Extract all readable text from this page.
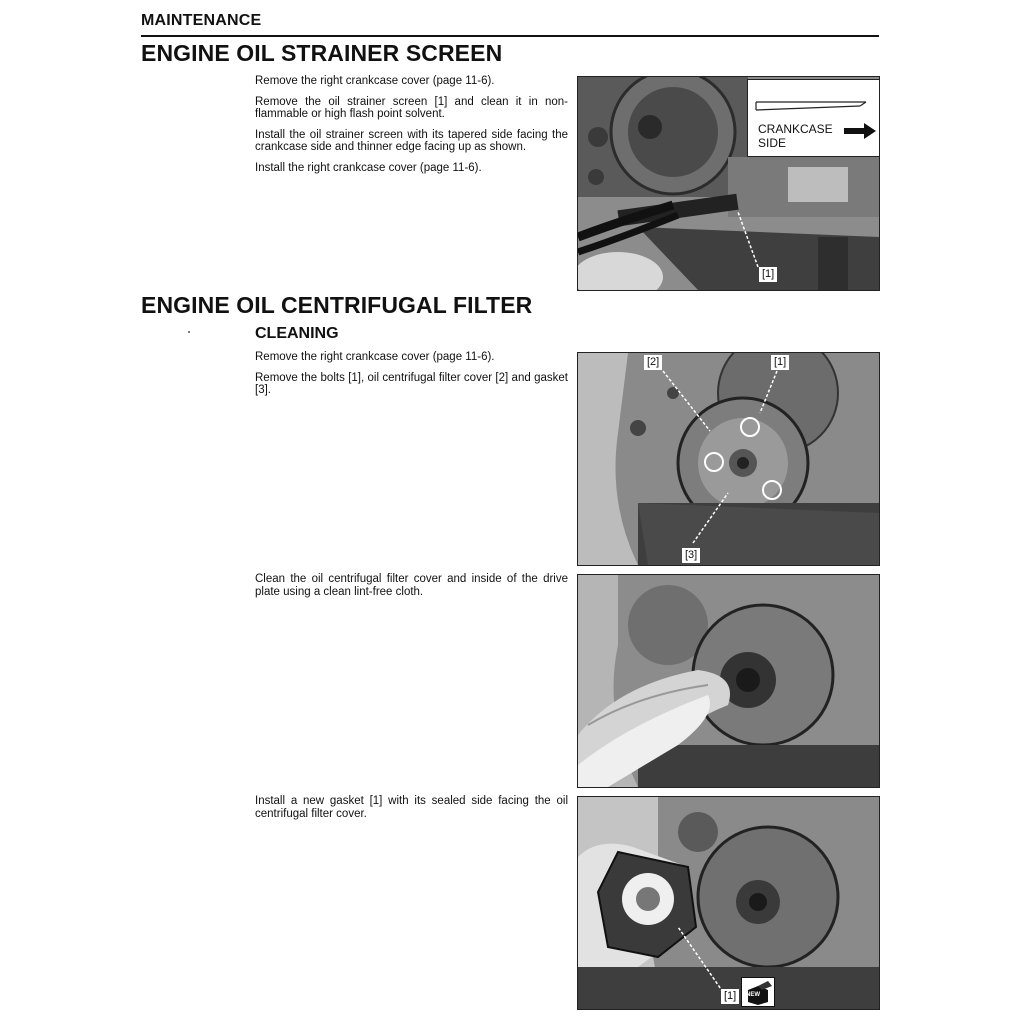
MAINTENANCE
ENGINE OIL STRAINER SCREEN

Remove the right crankcase cover (page 11-6).

Remove the oil strainer screen [1] and clean it in non-flammable or high flash point solvent.

Install the oil strainer screen with its tapered side facing the crankcase side and thinner edge facing up as shown.

Install the right crankcase cover (page 11-6).

CRANKCASE
SIDE
[1]
ENGINE OIL CENTRIFUGAL FILTER
CLEANING

Remove the right crankcase cover (page 11-6).

Remove the bolts [1], oil centrifugal filter cover [2] and gasket [3].

[2]	[1]
[3]

Clean the oil centrifugal filter cover and inside of the drive plate using a clean lint-free cloth.

Install a new gasket [1] with its sealed side facing the oil centrifugal filter cover.

[1]	NEW
